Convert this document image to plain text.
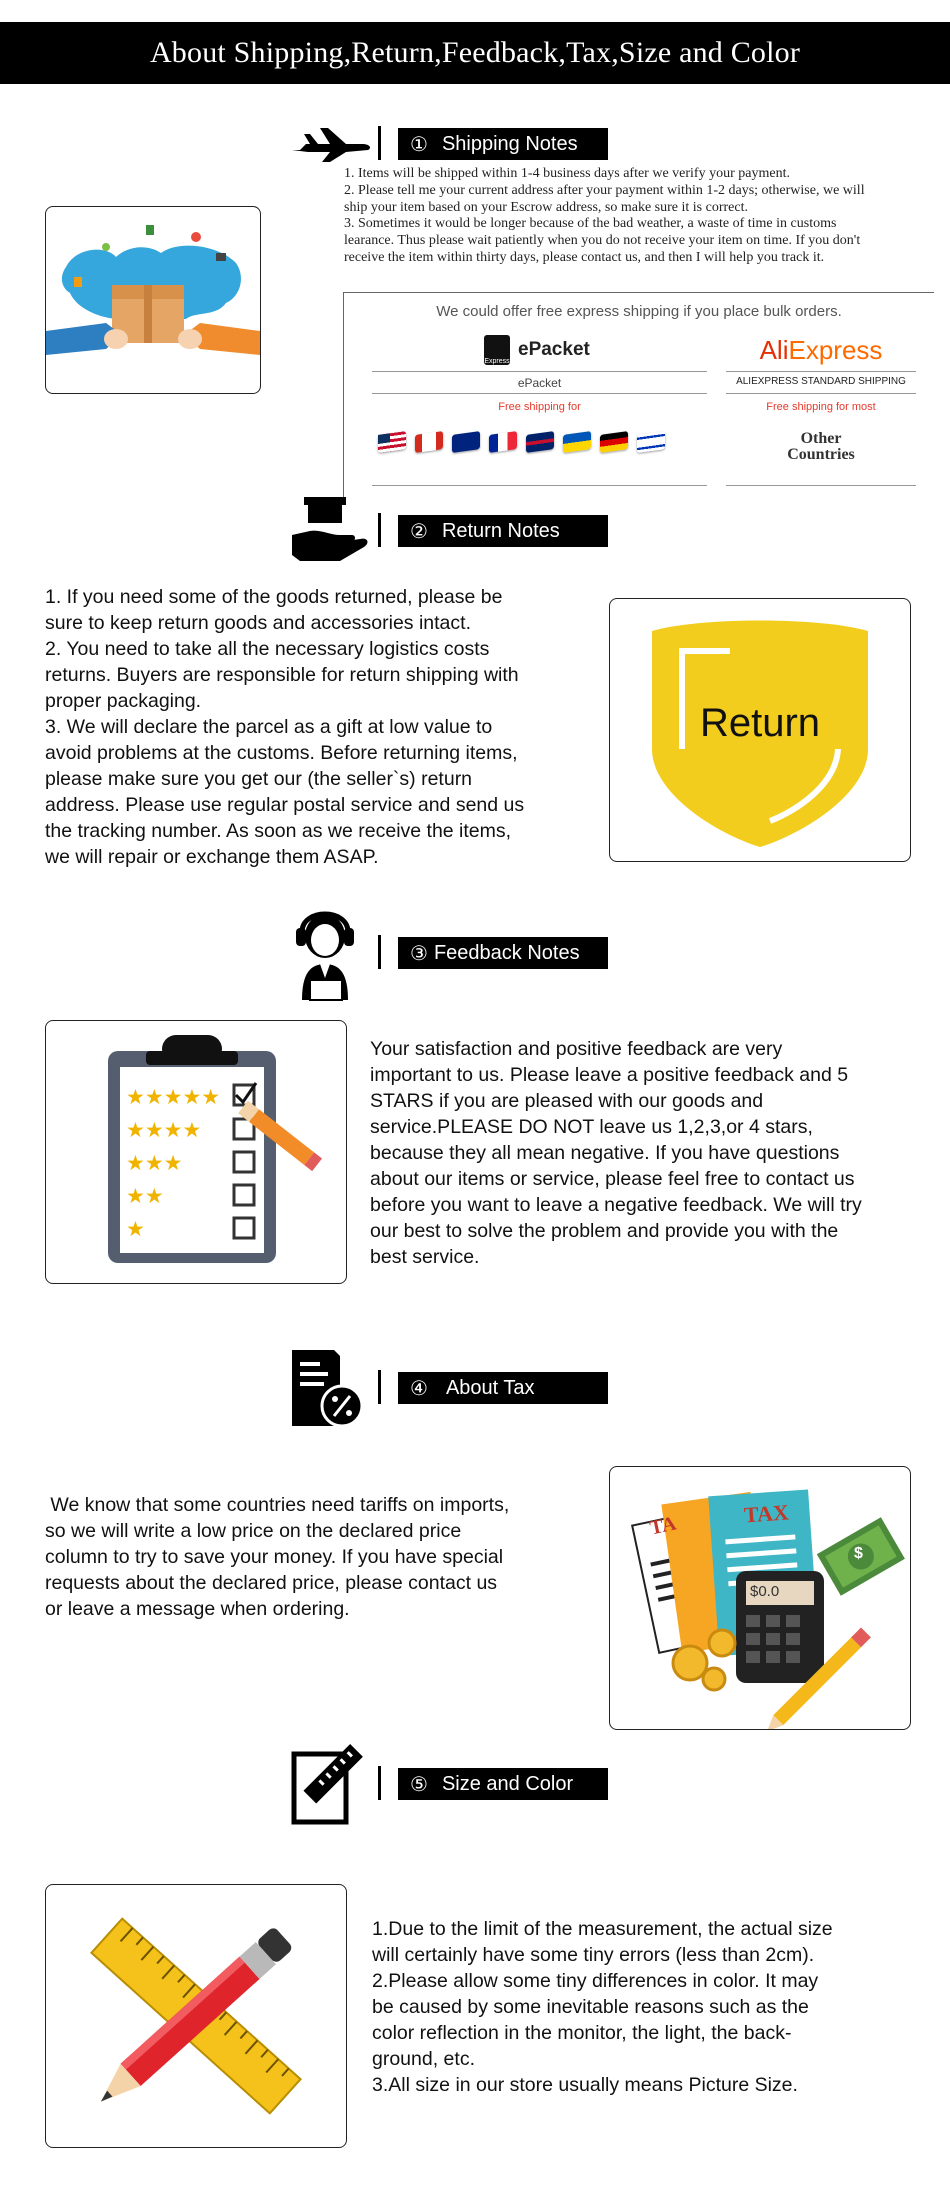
About Shipping,Return,Feedback,Tax,Size and Color
① Shipping Notes

1. Items will be shipped within 1-4 business days after we verify your payment.

2. Please tell me your current address after your payment within 1-2 days; otherwise, we will

ship your item based on your Escrow address, so make sure it is correct.

3. Sometimes it would be longer because of the bad weather, a waste of time in customs

learance. Thus please wait patiently when you do not receive your item on time. If you don't

receive the item within thirty days, please contact us, and then I will help you track it.

We could offer free express shipping if you place bulk orders.
Express
ePacket
ePacket
Free shipping for
AliExpress
ALIEXPRESS STANDARD SHIPPING
Free shipping for most
Other
Countries
② Return Notes
1. If you need some of the goods returned, please be
sure to keep return goods and accessories intact.
2. You need to take all the necessary logistics costs
returns. Buyers are responsible for return shipping with
proper packaging.
3. We will declare the parcel as a gift at low value to
avoid problems at the customs. Before returning items,
please make sure you get our (the seller`s) return
address. Please use regular postal service and send us
the tracking number. As soon as we receive the items,
we will repair or exchange them ASAP.
Return
③ Feedback Notes
★★★★★
★★★★
★★★
★★
★
Your satisfaction and positive feedback are very
important to us. Please leave a positive feedback and 5
STARS if you are pleased with our goods and
service.PLEASE DO NOT leave us 1,2,3,or 4 stars,
because they all mean negative. If you have questions
about our items or service, please feel free to contact us
before you want to leave a negative feedback. We will try
our best to solve the problem and provide you with the
best service.
④ About Tax
We know that some countries need tariffs on imports,
so we will write a low price on the declared price
column to try to save your money. If you have special
requests about the declared price, please contact us
or leave a message when ordering.
TA	TAX
$0.0
$
⑤ Size and Color
1.Due to the limit of the measurement, the actual size
will certainly have some tiny errors (less than 2cm).
2.Please allow some tiny differences in color. It may
be caused by some inevitable reasons such as the
color reflection in the monitor, the light, the back-
ground, etc.
3.All size in our store usually means Picture Size.
